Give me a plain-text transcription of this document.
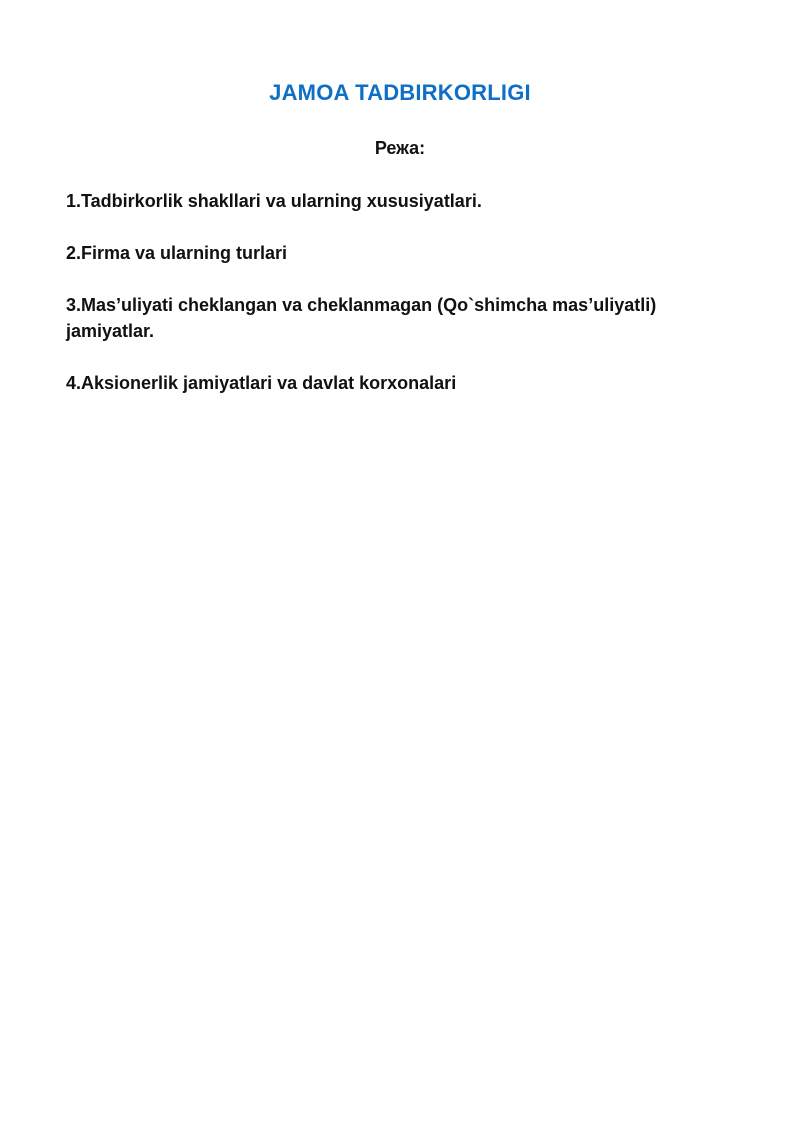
JAMOA TADBIRKORLIGI
Режа:
1.Tadbirkorlik shakllari va ularning xususiyatlari.
2.Firma va ularning turlari
3.Mas’uliyati cheklangan va cheklanmagan (Qo`shimcha mas’uliyatli) jamiyatlar.
4.Aksionerlik jamiyatlari va davlat korxonalari
